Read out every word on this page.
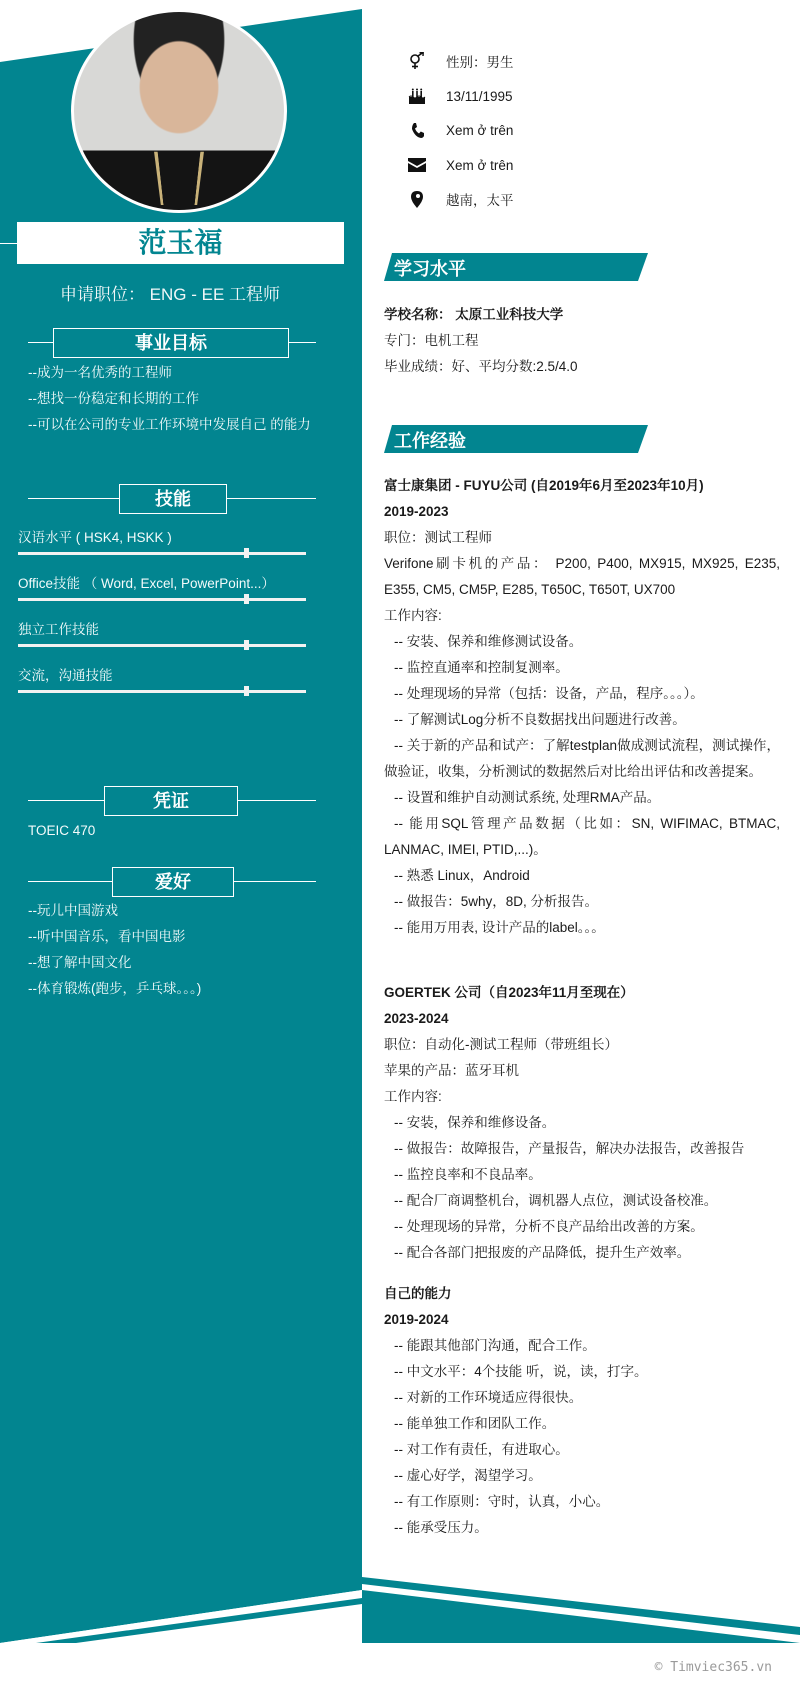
范玉福
申请职位： ENG - EE 工程师
事业目标
--成为一名优秀的工程师
--想找一份稳定和长期的工作
--可以在公司的专业工作环境中发展自己 的能力
技能
汉语水平 ( HSK4, HSKK )
Office技能 （ Word, Excel, PowerPoint...）
独立工作技能
交流，沟通技能
凭证
TOEIC 470
爱好
--玩儿中国游戏
--听中国音乐，看中国电影
--想了解中国文化
--体育锻炼(跑步，乒乓球。。。)
性别：男生
13/11/1995
Xem ở trên
Xem ở trên
越南，太平
学习水平
学校名称： 太原工业科技大学
专门：电机工程
毕业成绩：好、平均分数:2.5/4.0
工作经验
富士康集团 - FUYU公司 (自2019年6月至2023年10月)
2019-2023
职位：测试工程师
Verifone刷卡机的产品： P200, P400, MX915, MX925, E235, E355, CM5, CM5P, E285, T650C, T650T, UX700
工作内容:
-- 安装、保养和维修测试设备。
-- 监控直通率和控制复测率。
-- 处理现场的异常（包括：设备，产品，程序。。。）。
-- 了解测试Log分析不良数据找出问题进行改善。
-- 关于新的产品和试产：了解testplan做成测试流程，测试操作，做验证，收集，分析测试的数据然后对比给出评估和改善提案。
-- 设置和维护自动测试系统, 处理RMA产品。
-- 能用SQL管理产品数据（比如：SN, WIFIMAC, BTMAC, LANMAC, IMEI, PTID,...)。
-- 熟悉 Linux，Android
-- 做报告：5why，8D, 分析报告。
-- 能用万用表, 设计产品的label。。。
GOERTEK 公司（自2023年11月至现在）
2023-2024
职位：自动化-测试工程师（带班组长）
苹果的产品：蓝牙耳机
工作内容:
-- 安装，保养和维修设备。
-- 做报告：故障报告，产量报告，解决办法报告，改善报告
-- 监控良率和不良品率。
-- 配合厂商调整机台，调机器人点位，测试设备校准。
-- 处理现场的异常，分析不良产品给出改善的方案。
-- 配合各部门把报废的产品降低，提升生产效率。
自己的能力
2019-2024
-- 能跟其他部门沟通，配合工作。
-- 中文水平：4个技能 听，说，读，打字。
-- 对新的工作环境适应得很快。
-- 能单独工作和团队工作。
-- 对工作有责任，有进取心。
-- 虚心好学，渴望学习。
-- 有工作原则：守时，认真，小心。
-- 能承受压力。
© Timviec365.vn
